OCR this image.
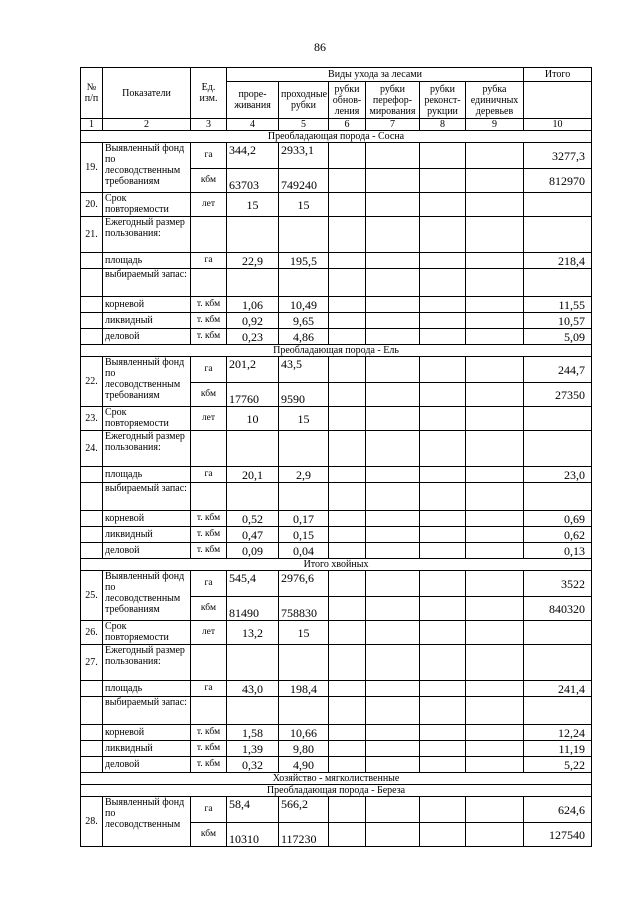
86
№ п/п	Показатели	Ед. изм.	Виды ухода за лесами						Итого
			проре-живания	проходные рубки	рубки обнов-ления	рубки перефор-мирования	рубки реконст-рукции	рубка единичных деревьев	
1	2	3	4	5	6	7	8	9	10
Преобладающая порода - Сосна									
19.	Выявленный фонд по лесоводственным требованиям	га	344,2	2933,1					3277,3
		кбм	63703	749240					812970
20.	Срок повторяемости	лет	15	15					
21.	Ежегодный размер пользования:								
	площадь	га	22,9	195,5					218,4
	выбираемый запас:								
	корневой	т. кбм	1,06	10,49					11,55
	ликвидный	т. кбм	0,92	9,65					10,57
	деловой	т. кбм	0,23	4,86					5,09
Преобладающая порода - Ель									
22.	Выявленный фонд по лесоводственным требованиям	га	201,2	43,5					244,7
		кбм	17760	9590					27350
23.	Срок повторяемости	лет	10	15					
24.	Ежегодный размер пользования:								
	площадь	га	20,1	2,9					23,0
	выбираемый запас:								
	корневой	т. кбм	0,52	0,17					0,69
	ликвидный	т. кбм	0,47	0,15					0,62
	деловой	т. кбм	0,09	0,04					0,13
Итого хвойных									
25.	Выявленный фонд по лесоводственным требованиям	га	545,4	2976,6					3522
		кбм	81490	758830					840320
26.	Срок повторяемости	лет	13,2	15					
27.	Ежегодный размер пользования:								
	площадь	га	43,0	198,4					241,4
	выбираемый запас:								
	корневой	т. кбм	1,58	10,66					12,24
	ликвидный	т. кбм	1,39	9,80					11,19
	деловой	т. кбм	0,32	4,90					5,22
Хозяйство - мягколиственные									
Преобладающая порода - Береза									
28.	Выявленный фонд по лесоводственным	га	58,4	566,2					624,6
		кбм	10310	117230					127540
